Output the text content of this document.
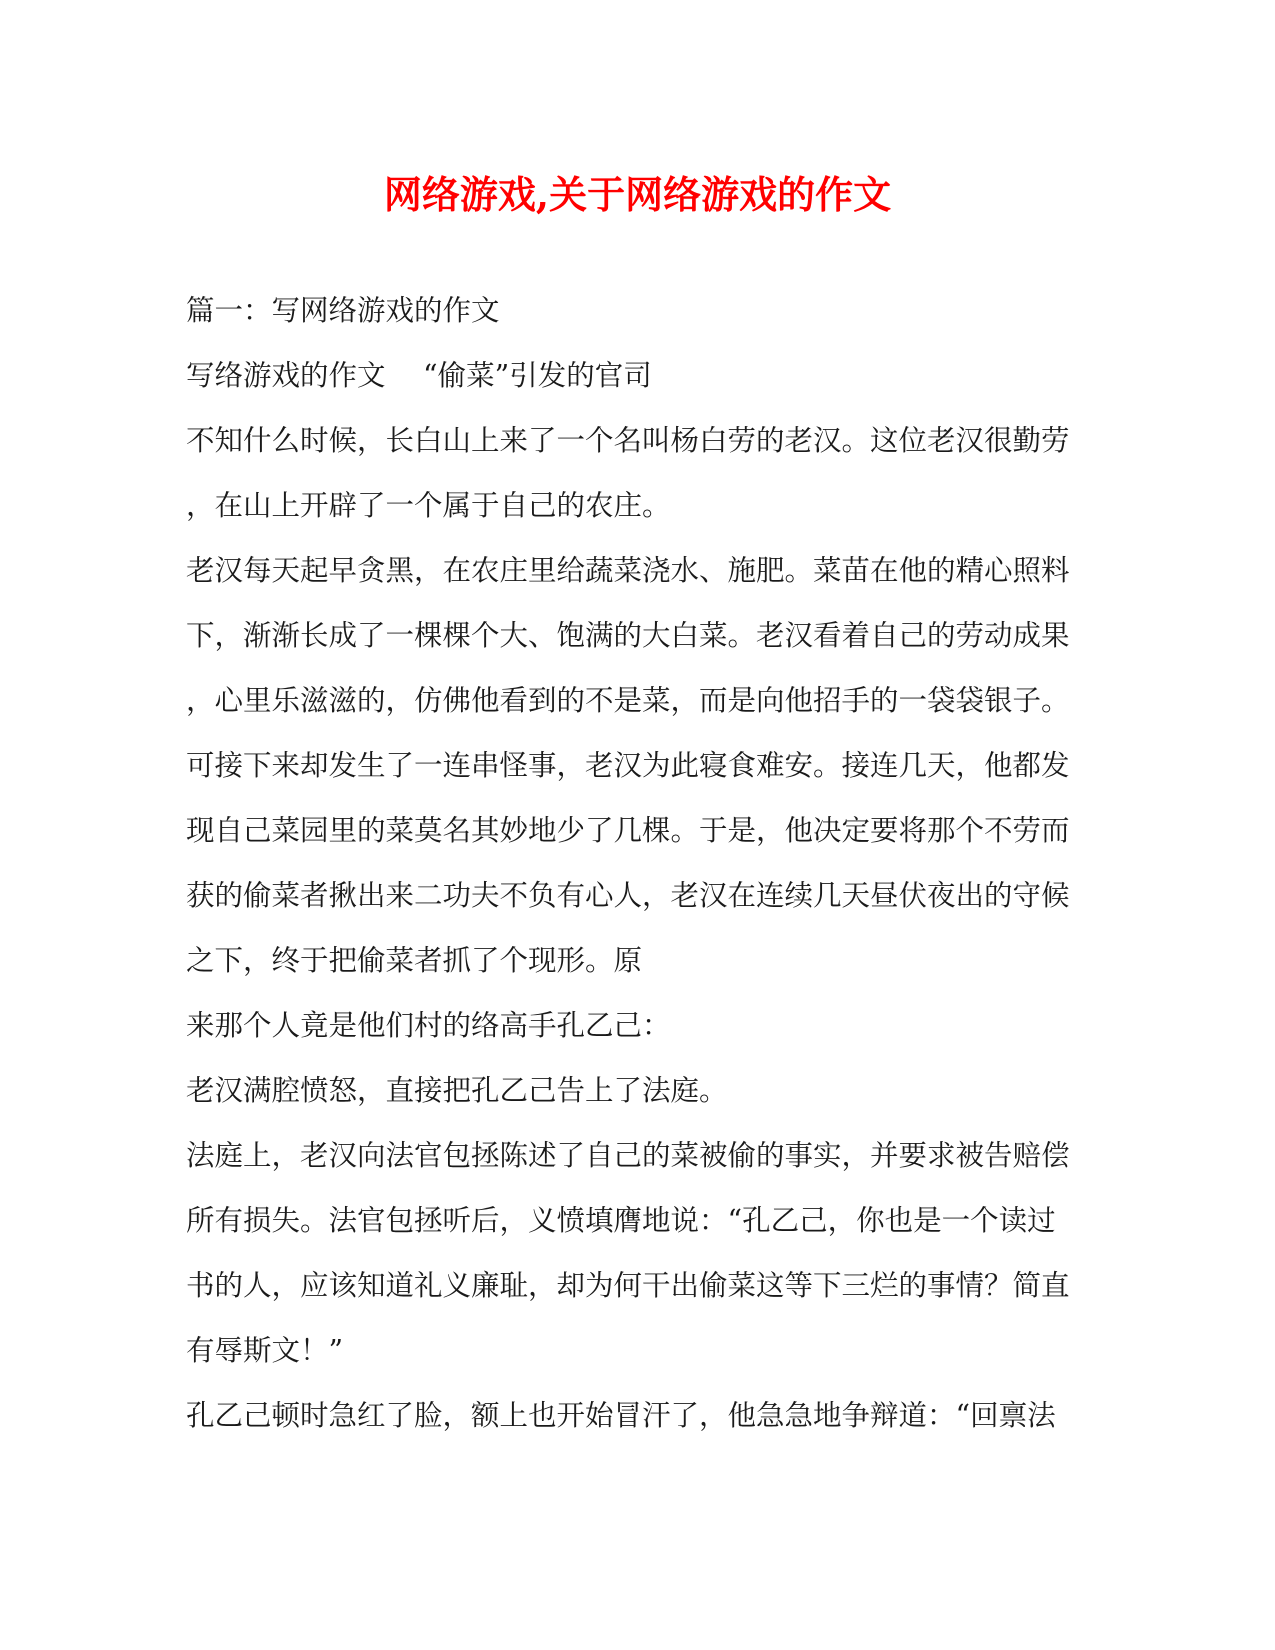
网络游戏,关于网络游戏的作文

篇一：写网络游戏的作文

写络游戏的作文　 “偷菜”引发的官司

不知什么时候，长白山上来了一个名叫杨白劳的老汉。这位老汉很勤劳

，在山上开辟了一个属于自己的农庄。

老汉每天起早贪黑，在农庄里给蔬菜浇水、施肥。菜苗在他的精心照料

下，渐渐长成了一棵棵个大、饱满的大白菜。老汉看着自己的劳动成果

，心里乐滋滋的，仿佛他看到的不是菜，而是向他招手的一袋袋银子。

可接下来却发生了一连串怪事，老汉为此寝食难安。接连几天，他都发

现自己菜园里的菜莫名其妙地少了几棵。于是，他决定要将那个不劳而

获的偷菜者揪出来二功夫不负有心人，老汉在连续几天昼伏夜出的守候

之下，终于把偷菜者抓了个现形。原

来那个人竟是他们村的络高手孔乙己：

老汉满腔愤怒，直接把孔乙己告上了法庭。

法庭上，老汉向法官包拯陈述了自己的菜被偷的事实，并要求被告赔偿

所有损失。法官包拯听后，义愤填膺地说：“孔乙己，你也是一个读过

书的人，应该知道礼义廉耻，却为何干出偷菜这等下三烂的事情？简直

有辱斯文！”

孔乙己顿时急红了脸，额上也开始冒汗了，他急急地争辩道：“回禀法
